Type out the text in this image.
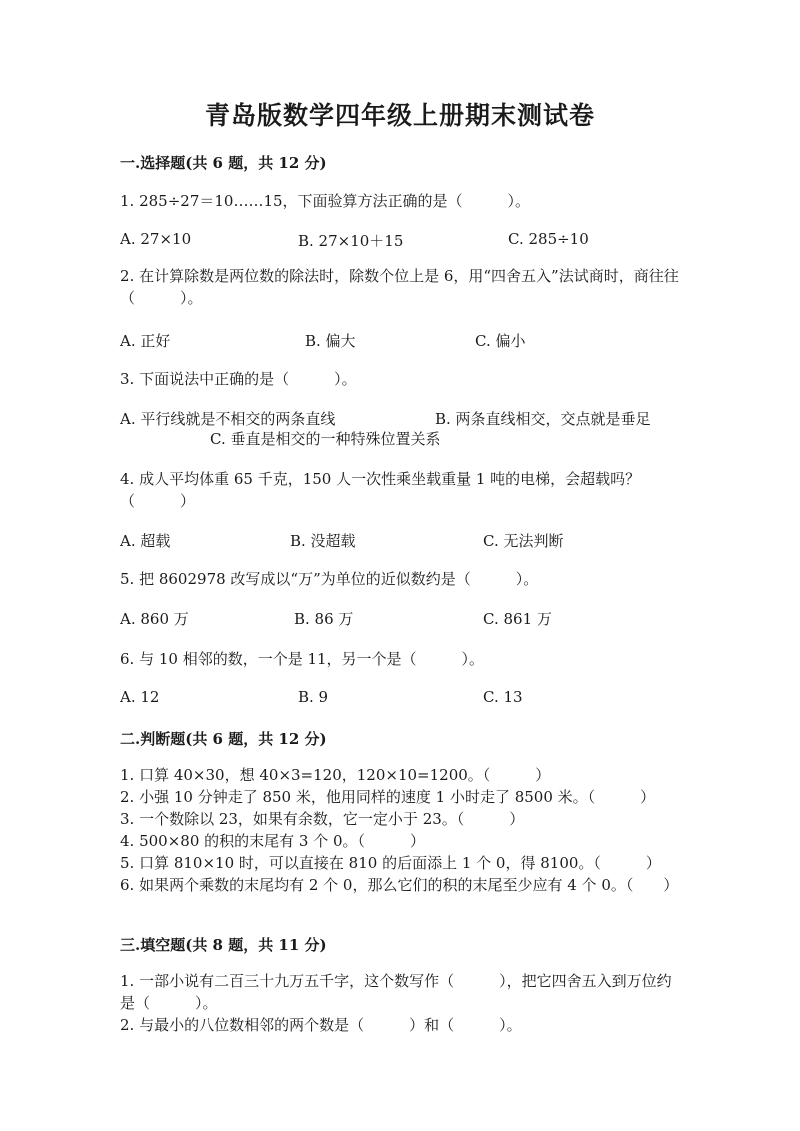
青岛版数学四年级上册期末测试卷
一.选择题(共 6 题，共 12 分)
1. 285÷27＝10……15，下面验算方法正确的是（　　　）。
A. 27×10	B. 27×10＋15	C. 285÷10
2. 在计算除数是两位数的除法时，除数个位上是 6，用“四舍五入”法试商时，商往往（　　　）。
A. 正好	B. 偏大	C. 偏小
3. 下面说法中正确的是（　　　）。
A. 平行线就是不相交的两条直线	B. 两条直线相交，交点就是垂足
C. 垂直是相交的一种特殊位置关系
4. 成人平均体重 65 千克，150 人一次性乘坐载重量 1 吨的电梯，会超载吗？（　　　）
A. 超载	B. 没超载	C. 无法判断
5. 把 8602978 改写成以“万”为单位的近似数约是（　　　）。
A. 860 万	B. 86 万	C. 861 万
6. 与 10 相邻的数，一个是 11，另一个是（　　　）。
A. 12	B. 9	C. 13
二.判断题(共 6 题，共 12 分)
1. 口算 40×30，想 40×3=120，120×10=1200。（　　　）
2. 小强 10 分钟走了 850 米，他用同样的速度 1 小时走了 8500 米。（　　　）
3. 一个数除以 23，如果有余数，它一定小于 23。（　　　）
4. 500×80 的积的末尾有 3 个 0。（　　　）
5. 口算 810×10 时，可以直接在 810 的后面添上 1 个 0，得 8100。（　　　）
6. 如果两个乘数的末尾均有 2 个 0，那么它们的积的末尾至少应有 4 个 0。（　　）
三.填空题(共 8 题，共 11 分)
1. 一部小说有二百三十九万五千字，这个数写作（　　　），把它四舍五入到万位约是（　　　）。
2. 与最小的八位数相邻的两个数是（　　　）和（　　　）。
